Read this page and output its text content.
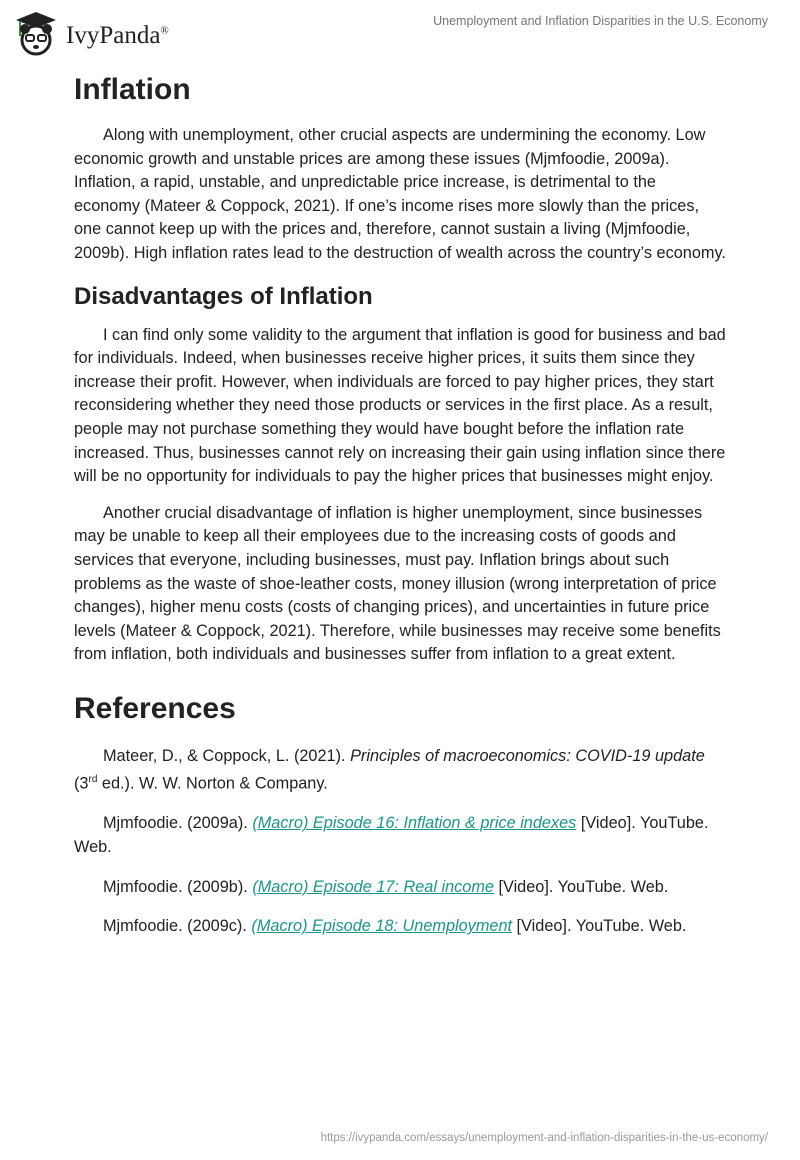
IvyPanda®
Unemployment and Inflation Disparities in the U.S. Economy
Inflation

Along with unemployment, other crucial aspects are undermining the economy. Low economic growth and unstable prices are among these issues (Mjmfoodie, 2009a). Inflation, a rapid, unstable, and unpredictable price increase, is detrimental to the economy (Mateer & Coppock, 2021). If one’s income rises more slowly than the prices, one cannot keep up with the prices and, therefore, cannot sustain a living (Mjmfoodie, 2009b). High inflation rates lead to the destruction of wealth across the country’s economy.

Disadvantages of Inflation

I can find only some validity to the argument that inflation is good for business and bad for individuals. Indeed, when businesses receive higher prices, it suits them since they increase their profit. However, when individuals are forced to pay higher prices, they start reconsidering whether they need those products or services in the first place. As a result, people may not purchase something they would have bought before the inflation rate increased. Thus, businesses cannot rely on increasing their gain using inflation since there will be no opportunity for individuals to pay the higher prices that businesses might enjoy.

Another crucial disadvantage of inflation is higher unemployment, since businesses may be unable to keep all their employees due to the increasing costs of goods and services that everyone, including businesses, must pay. Inflation brings about such problems as the waste of shoe-leather costs, money illusion (wrong interpretation of price changes), higher menu costs (costs of changing prices), and uncertainties in future price levels (Mateer & Coppock, 2021). Therefore, while businesses may receive some benefits from inflation, both individuals and businesses suffer from inflation to a great extent.

References

Mateer, D., & Coppock, L. (2021). Principles of macroeconomics: COVID-19 update (3rd ed.). W. W. Norton & Company.

Mjmfoodie. (2009a). (Macro) Episode 16: Inflation & price indexes [Video]. YouTube. Web.

Mjmfoodie. (2009b). (Macro) Episode 17: Real income [Video]. YouTube. Web.

Mjmfoodie. (2009c). (Macro) Episode 18: Unemployment [Video]. YouTube. Web.

https://ivypanda.com/essays/unemployment-and-inflation-disparities-in-the-us-economy/
